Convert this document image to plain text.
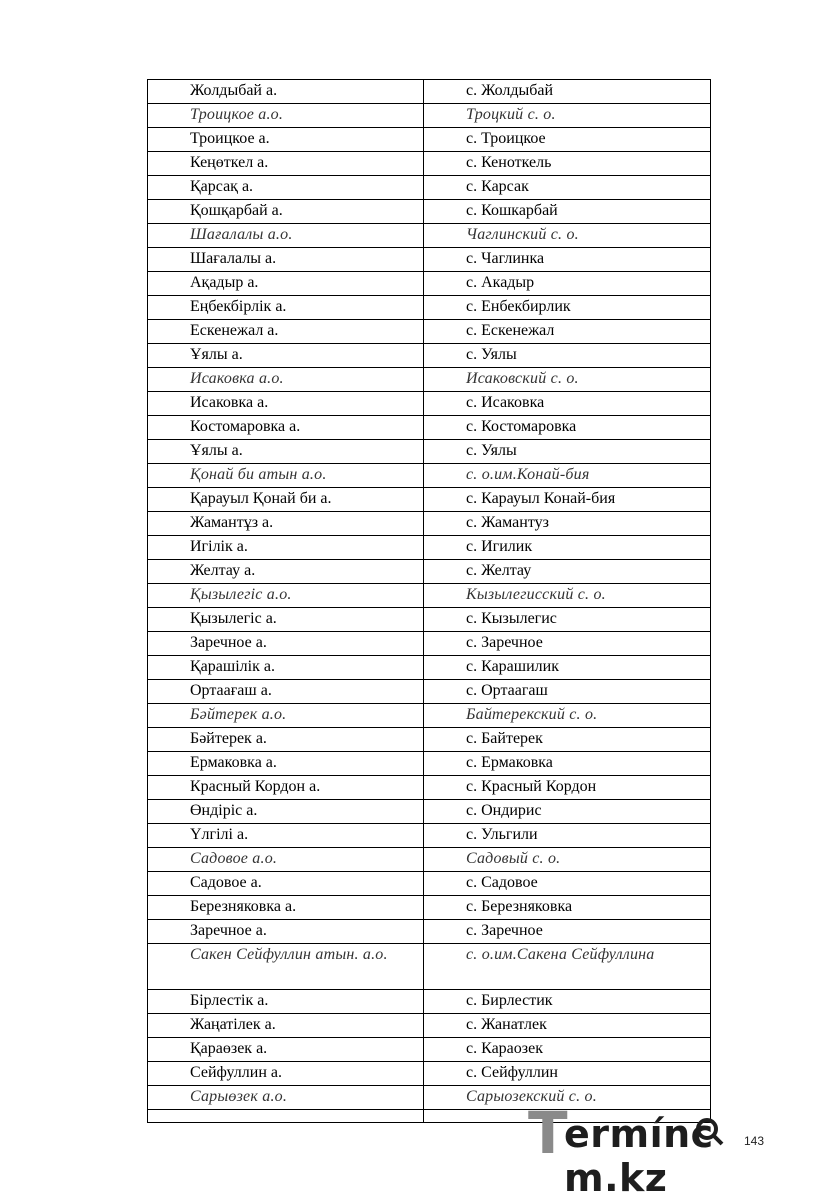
Жолдыбай а.	с. Жолдыбай
Троицкое а.о.	Троцкий с. о.
Троицкое а.	с. Троицкое
Кеңөткел а.	с. Кеноткель
Қарсақ а.	с. Карсак
Қошқарбай а.	с. Кошкарбай
Шағалалы а.о.	Чаглинский с. о.
Шағалалы а.	с. Чаглинка
Ақадыр а.	с. Акадыр
Еңбекбірлік а.	с. Енбекбирлик
Ескенежал а.	с. Ескенежал
Ұялы а.	с. Уялы
Исаковка а.о.	Исаковский с. о.
Исаковка а.	с. Исаковка
Костомаровка а.	с. Костомаровка
Ұялы а.	с. Уялы
Қонай би атын а.о.	с. о.им.Конай-бия
Қарауыл Қонай би а.	с. Карауыл Конай-бия
Жамантұз а.	с. Жамантуз
Игілік а.	с. Игилик
Желтау а.	с. Желтау
Қызылегіс а.о.	Кызылегисский с. о.
Қызылегіс а.	с. Кызылегис
Заречное а.	с. Заречное
Қарашілік а.	с. Карашилик
Ортаағаш а.	с. Ортаагаш
Бәйтерек а.о.	Байтерекский с. о.
Бәйтерек а.	с. Байтерек
Ермаковка а.	с. Ермаковка
Красный Кордон а.	с. Красный Кордон
Өндіріс а.	с. Ондирис
Үлгілі а.	с. Ульгили
Садовое а.о.	Садовый с. о.
Садовое а.	с. Садовое
Березняковка а.	с. Березняковка
Заречное а.	с. Заречное
Сакен Сейфуллин атын. а.о.	с. о.им.Сакена Сейфуллина
Бірлестік а.	с. Бирлестик
Жаңатілек а.	с. Жанатлек
Қараөзек а.	с. Караозек
Сейфуллин а.	с. Сейфуллин
Сарыөзек а.о.	Сарыозекский с. о.

T
ermíncm.kz
143
